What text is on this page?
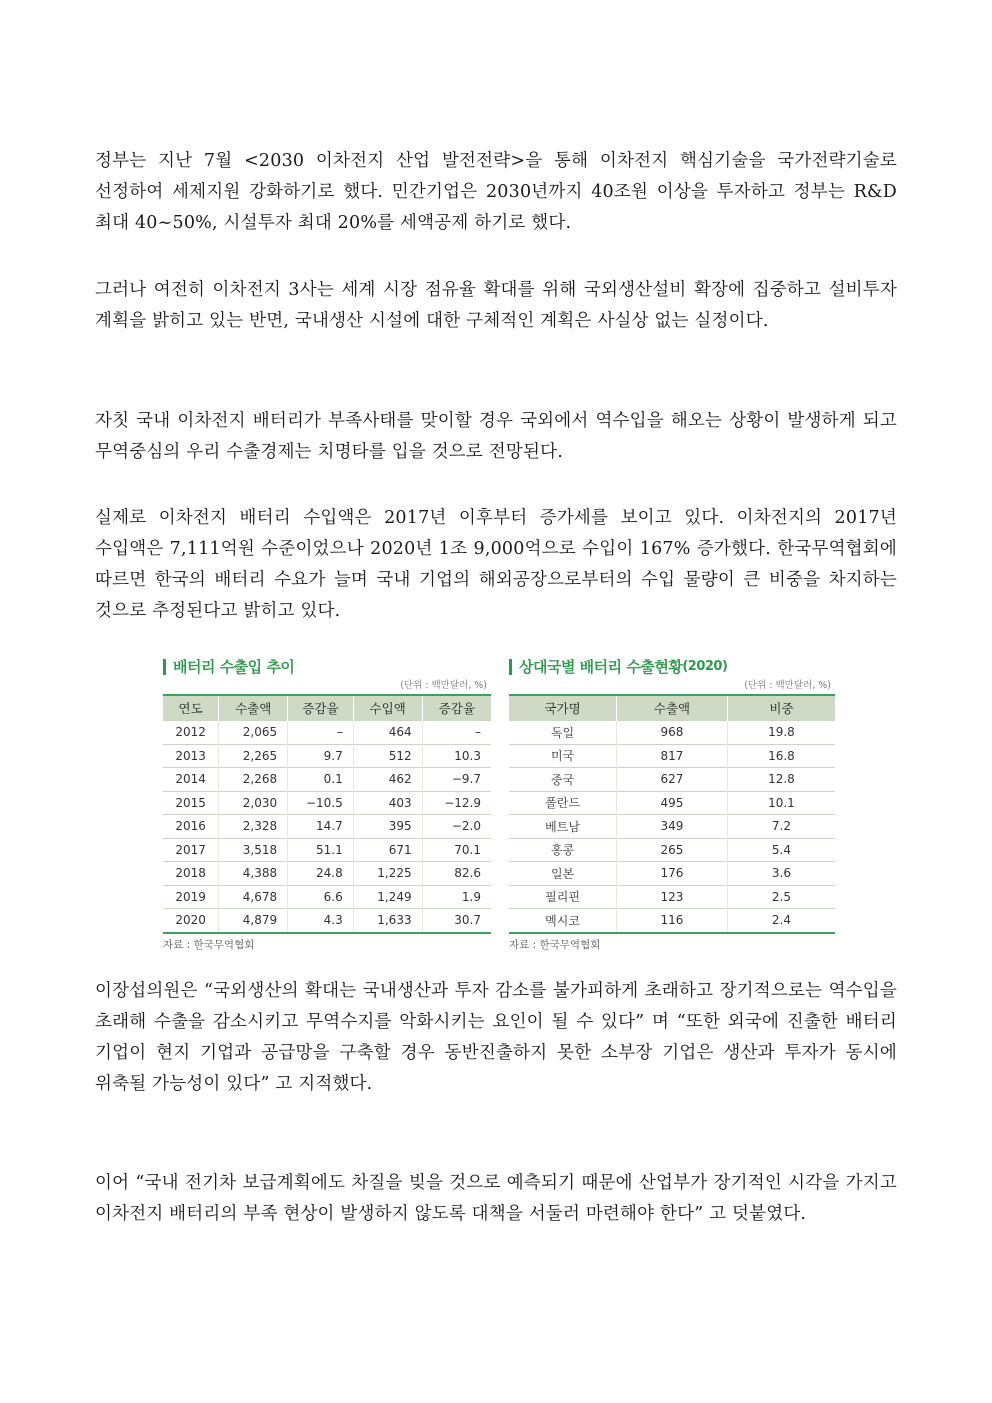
정부는 지난 7월 <2030 이차전지 산업 발전전략>을 통해 이차전지 핵심기술을 국가전략기술로 선정하여 세제지원 강화하기로 했다. 민간기업은 2030년까지 40조원 이상을 투자하고 정부는 R&D 최대 40~50%, 시설투자 최대 20%를 세액공제 하기로 했다.
그러나 여전히 이차전지 3사는 세계 시장 점유율 확대를 위해 국외생산설비 확장에 집중하고 설비투자 계획을 밝히고 있는 반면, 국내생산 시설에 대한 구체적인 계획은 사실상 없는 실정이다.
자칫 국내 이차전지 배터리가 부족사태를 맞이할 경우 국외에서 역수입을 해오는 상황이 발생하게 되고 무역중심의 우리 수출경제는 치명타를 입을 것으로 전망된다.
실제로 이차전지 배터리 수입액은 2017년 이후부터 증가세를 보이고 있다. 이차전지의 2017년 수입액은 7,111억원 수준이었으나 2020년 1조 9,000억으로 수입이 167% 증가했다. 한국무역협회에 따르면 한국의 배터리 수요가 늘며 국내 기업의 해외공장으로부터의 수입 물량이 큰 비중을 차지하는 것으로 추정된다고 밝히고 있다.
배터리 수출입 추이
(단위 : 백만달러, %)
연도	수출액	증감율	수입액	증감율
2012	2,065	–	464	–
2013	2,265	9.7	512	10.3
2014	2,268	0.1	462	−9.7
2015	2,030	−10.5	403	−12.9
2016	2,328	14.7	395	−2.0
2017	3,518	51.1	671	70.1
2018	4,388	24.8	1,225	82.6
2019	4,678	6.6	1,249	1.9
2020	4,879	4.3	1,633	30.7
자료 : 한국무역협회
상대국별 배터리 수출현황 (2020)
(단위 : 백만달러, %)
국가명	수출액	비중
독일	968	19.8
미국	817	16.8
중국	627	12.8
폴란드	495	10.1
베트남	349	7.2
홍콩	265	5.4
일본	176	3.6
필리핀	123	2.5
멕시코	116	2.4
자료 : 한국무역협회
이장섭의원은 “국외생산의 확대는 국내생산과 투자 감소를 불가피하게 초래하고 장기적으로는 역수입을 초래해 수출을 감소시키고 무역수지를 악화시키는 요인이 될 수 있다” 며 “또한 외국에 진출한 배터리 기업이 현지 기업과 공급망을 구축할 경우 동반진출하지 못한 소부장 기업은 생산과 투자가 동시에 위축될 가능성이 있다” 고 지적했다.
이어 “국내 전기차 보급계획에도 차질을 빚을 것으로 예측되기 때문에 산업부가 장기적인 시각을 가지고 이차전지 배터리의 부족 현상이 발생하지 않도록 대책을 서둘러 마련해야 한다” 고 덧붙였다.
